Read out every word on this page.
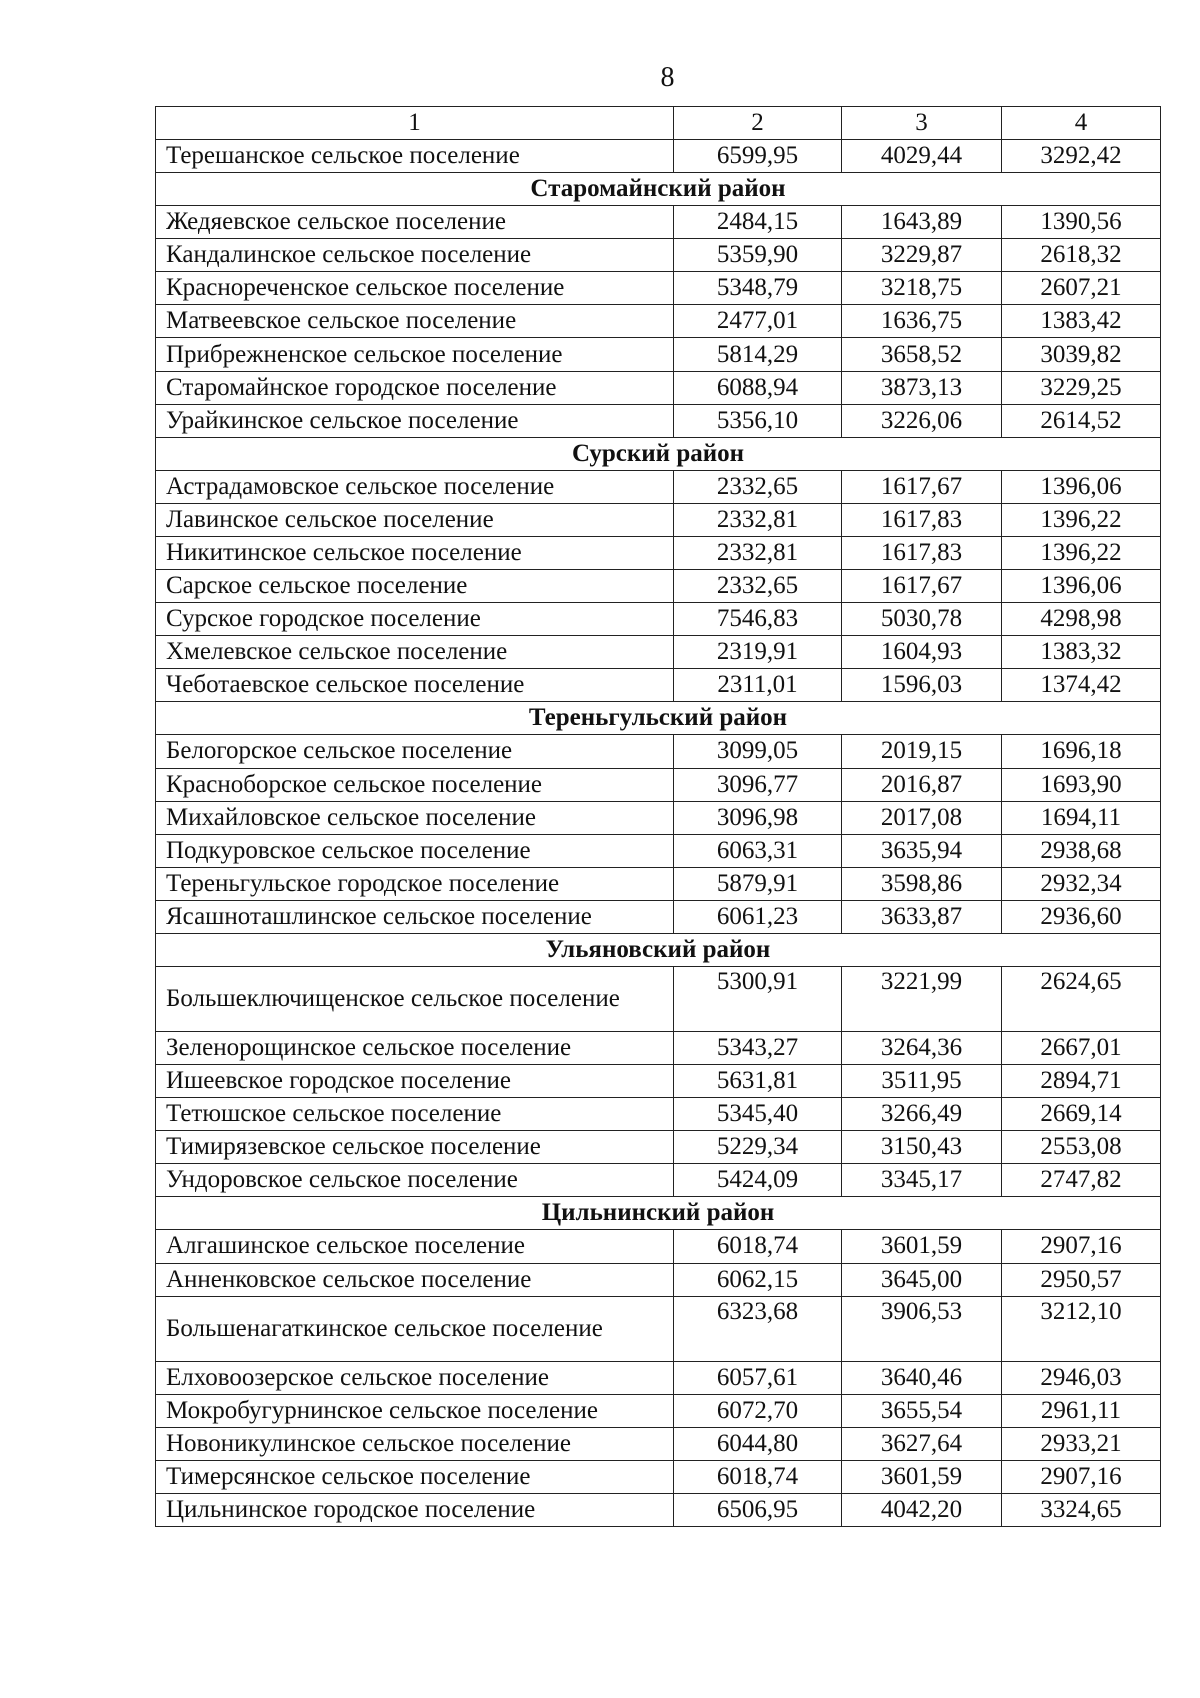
8
1	2	3	4
Терешанское сельское поселение	6599,95	4029,44	3292,42
Старомайнский район			
Жедяевское сельское поселение	2484,15	1643,89	1390,56
Кандалинское сельское поселение	5359,90	3229,87	2618,32
Краснореченское сельское поселение	5348,79	3218,75	2607,21
Матвеевское сельское поселение	2477,01	1636,75	1383,42
Прибрежненское сельское поселение	5814,29	3658,52	3039,82
Старомайнское городское поселение	6088,94	3873,13	3229,25
Урайкинское сельское поселение	5356,10	3226,06	2614,52
Сурский район			
Астрадамовское сельское поселение	2332,65	1617,67	1396,06
Лавинское сельское поселение	2332,81	1617,83	1396,22
Никитинское сельское поселение	2332,81	1617,83	1396,22
Сарское сельское поселение	2332,65	1617,67	1396,06
Сурское городское поселение	7546,83	5030,78	4298,98
Хмелевское сельское поселение	2319,91	1604,93	1383,32
Чеботаевское сельское поселение	2311,01	1596,03	1374,42
Тереньгульский район			
Белогорское сельское поселение	3099,05	2019,15	1696,18
Красноборское сельское поселение	3096,77	2016,87	1693,90
Михайловское сельское поселение	3096,98	2017,08	1694,11
Подкуровское сельское поселение	6063,31	3635,94	2938,68
Тереньгульское городское поселение	5879,91	3598,86	2932,34
Ясашноташлинское сельское поселение	6061,23	3633,87	2936,60
Ульяновский район			
Большеключищенское сельское поселение	5300,91	3221,99	2624,65
Зеленорощинское сельское поселение	5343,27	3264,36	2667,01
Ишеевское городское поселение	5631,81	3511,95	2894,71
Тетюшское сельское поселение	5345,40	3266,49	2669,14
Тимирязевское сельское поселение	5229,34	3150,43	2553,08
Ундоровское сельское поселение	5424,09	3345,17	2747,82
Цильнинский район			
Алгашинское сельское поселение	6018,74	3601,59	2907,16
Анненковское сельское поселение	6062,15	3645,00	2950,57
Большенагаткинское сельское поселение	6323,68	3906,53	3212,10
Елховоозерское сельское поселение	6057,61	3640,46	2946,03
Мокробугурнинское сельское поселение	6072,70	3655,54	2961,11
Новоникулинское сельское поселение	6044,80	3627,64	2933,21
Тимерсянское сельское поселение	6018,74	3601,59	2907,16
Цильнинское городское поселение	6506,95	4042,20	3324,65
